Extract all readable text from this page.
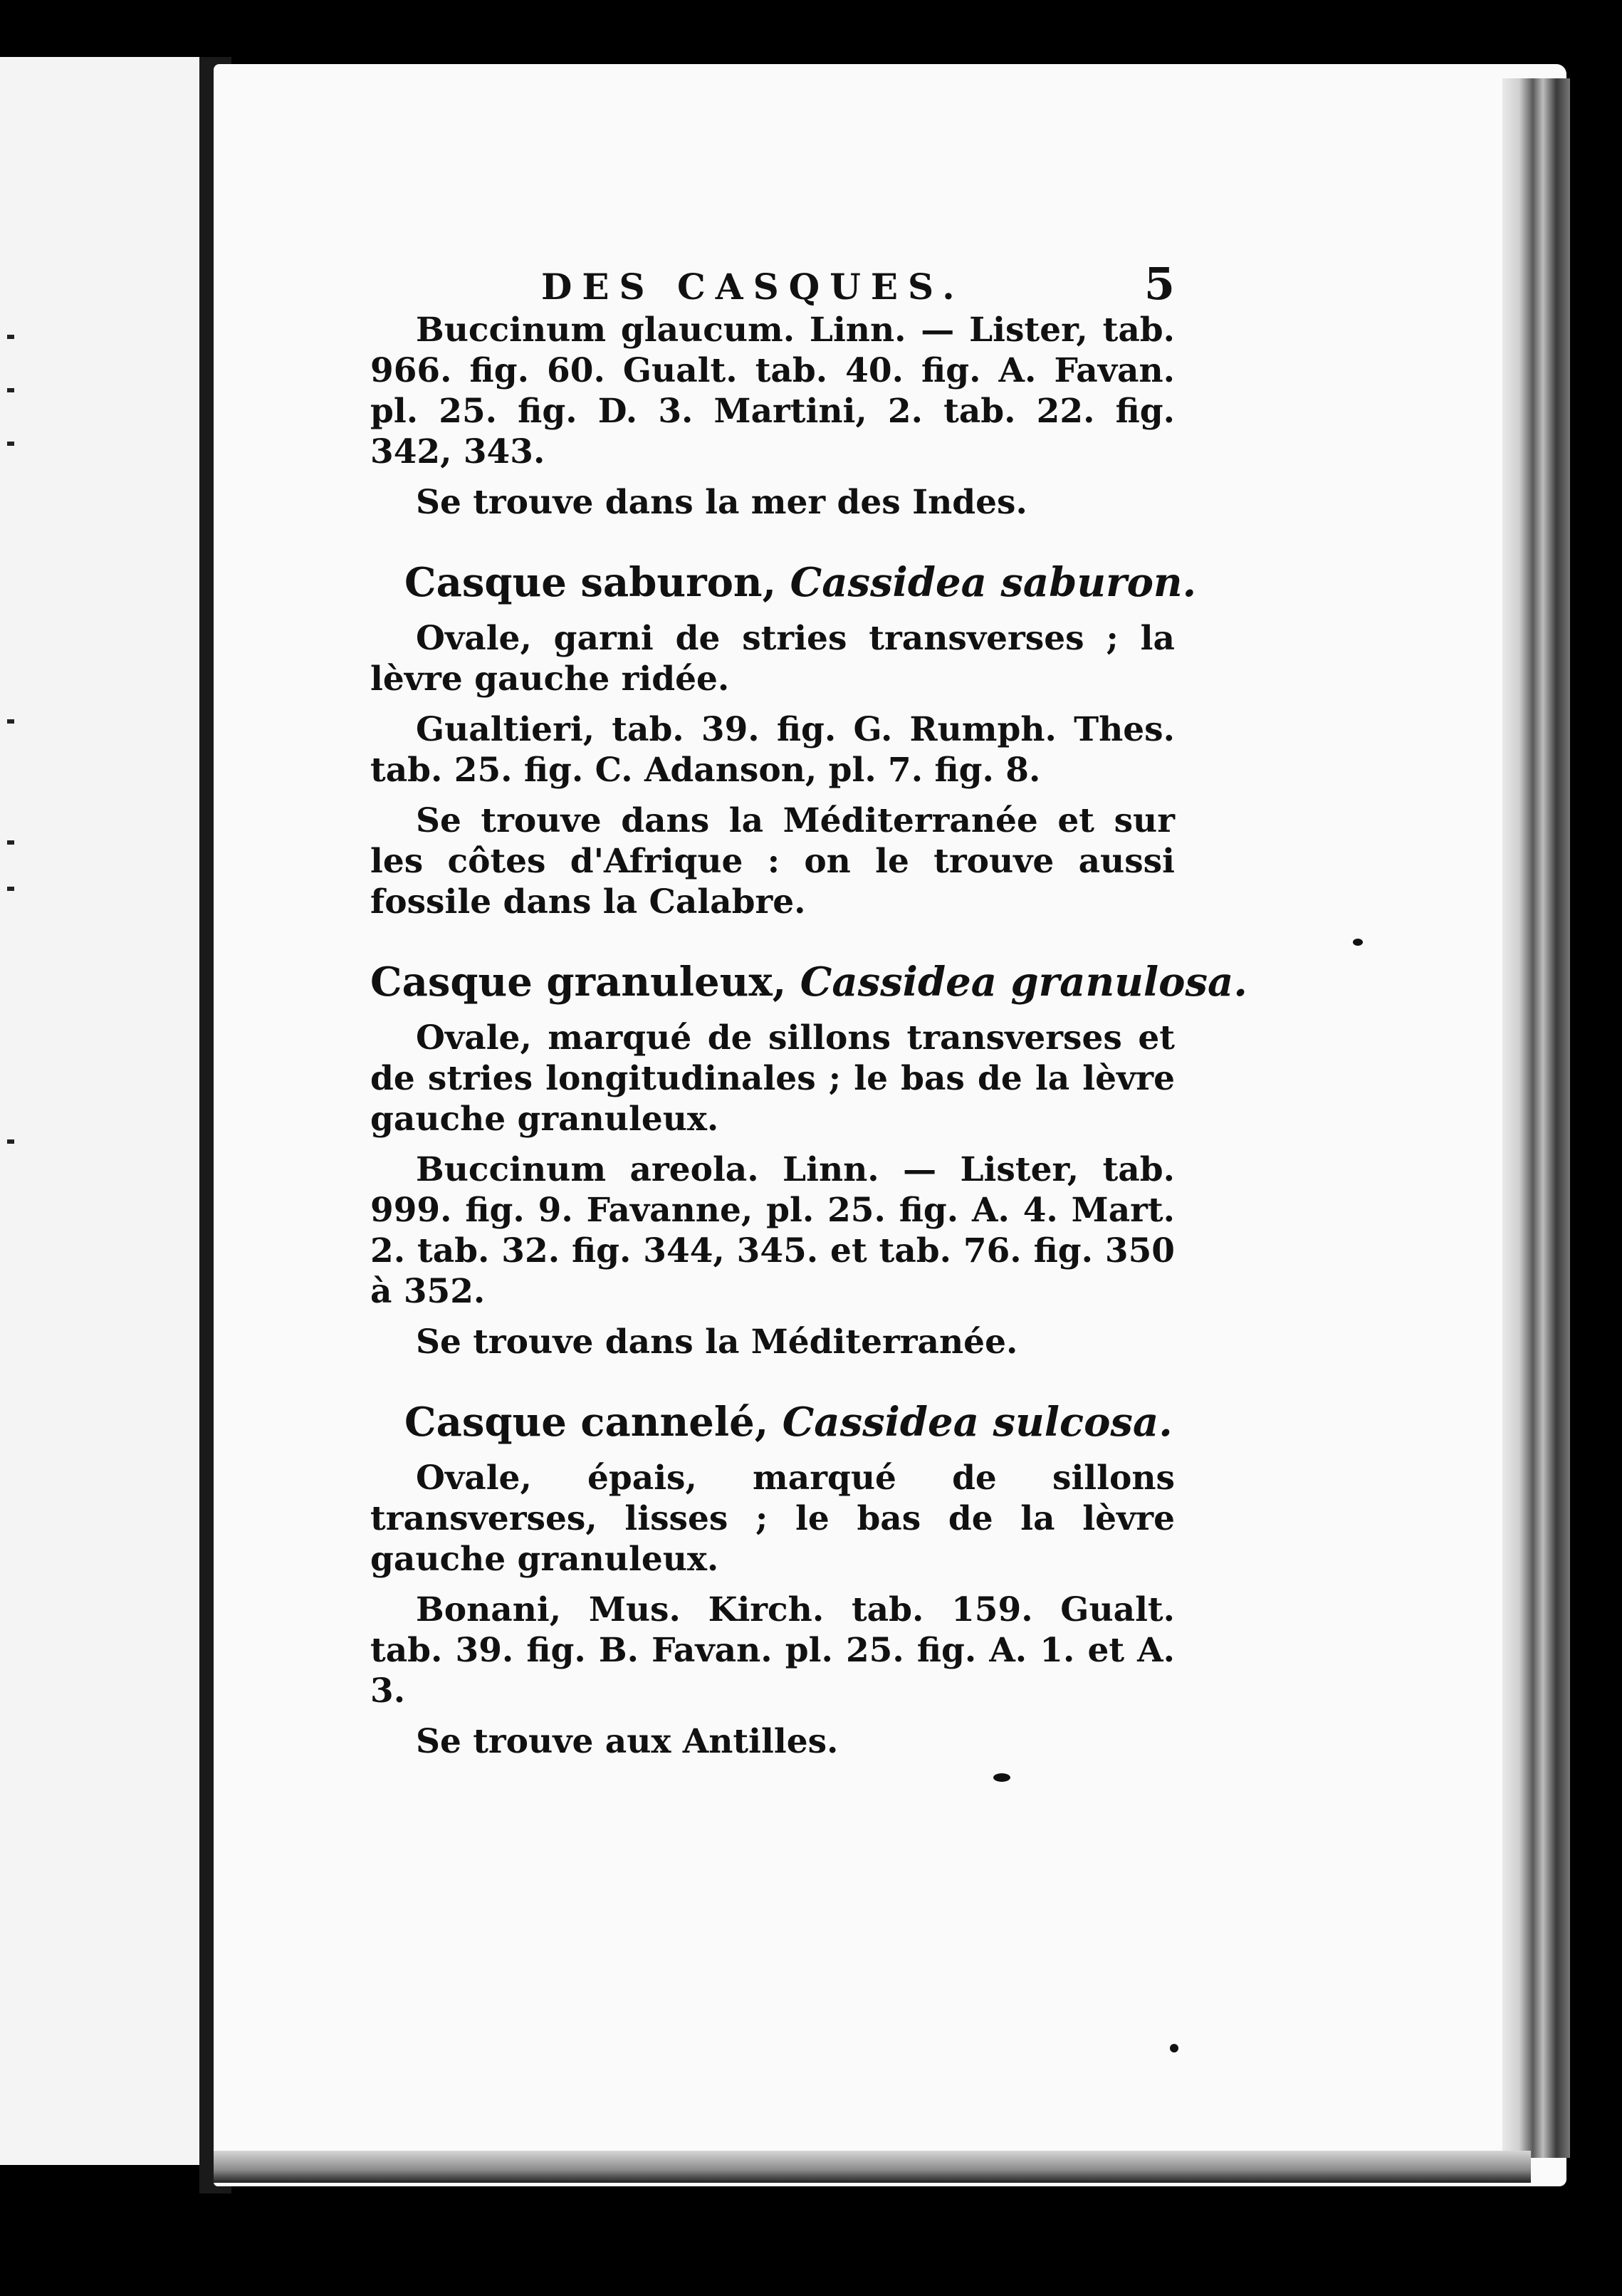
DES CASQUES.	5

Buccinum glaucum. Linn. — Lister, tab. 966. fig. 60. Gualt. tab. 40. fig. A. Favan. pl. 25. fig. D. 3. Martini, 2. tab. 22. fig. 342, 343.

Se trouve dans la mer des Indes.

Casque saburon, Cassidea saburon.

Ovale, garni de stries transverses ; la lèvre gauche ridée.

Gualtieri, tab. 39. fig. G. Rumph. Thes. tab. 25. fig. C. Adanson, pl. 7. fig. 8.

Se trouve dans la Méditerranée et sur les côtes d'Afrique : on le trouve aussi fossile dans la Calabre.

Casque granuleux, Cassidea granulosa.

Ovale, marqué de sillons transverses et de stries longitudinales ; le bas de la lèvre gauche granuleux.

Buccinum areola. Linn. — Lister, tab. 999. fig. 9. Favanne, pl. 25. fig. A. 4. Mart. 2. tab. 32. fig. 344, 345. et tab. 76. fig. 350 à 352.

Se trouve dans la Méditerranée.

Casque cannelé, Cassidea sulcosa.

Ovale, épais, marqué de sillons transverses, lisses ; le bas de la lèvre gauche granuleux.

Bonani, Mus. Kirch. tab. 159. Gualt. tab. 39. fig. B. Favan. pl. 25. fig. A. 1. et A. 3.

Se trouve aux Antilles.
